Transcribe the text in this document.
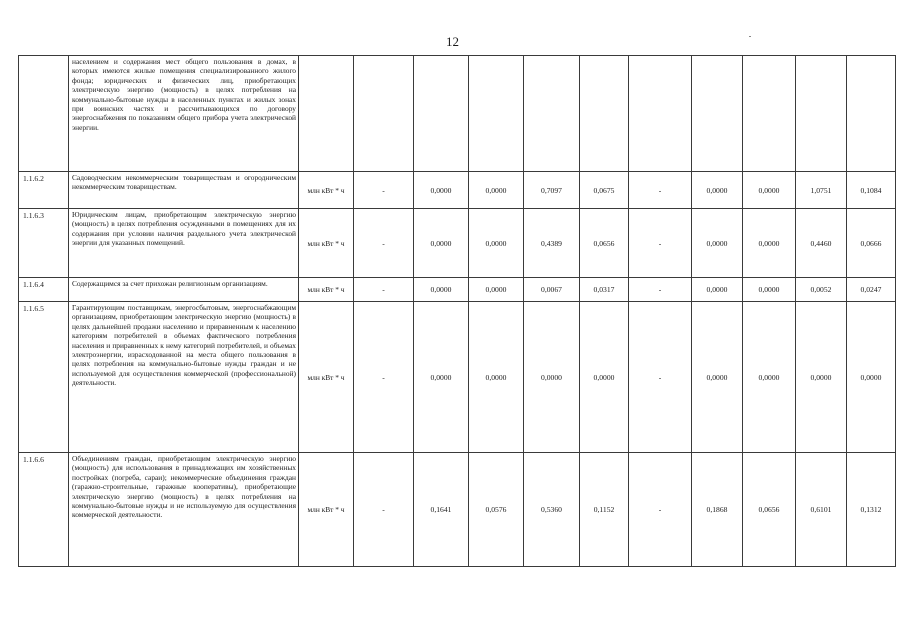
12
	населением и содержания мест общего пользования в домах, в которых имеются жилые помещения специализированного жилого фонда; юридических и физических лиц, приобретающих электрическую энергию (мощность) в целях потребления на коммунально-бытовые нужды в населенных пунктах и жилых зонах при воинских частях и рассчитывающихся по договору энергоснабжения по показаниям общего прибора учета электрической энергии.											
1.1.6.2	Садоводческим некоммерческим товариществам и огородническим некоммерческим товариществам.	млн кВт * ч	-	0,0000	0,0000	0,7097	0,0675	-	0,0000	0,0000	1,0751	0,1084
1.1.6.3	Юридическим лицам, приобретающим электрическую энергию (мощность) в целях потребления осужденными в помещениях для их содержания при условии наличия раздельного учета электрической энергии для указанных помещений.	млн кВт * ч	-	0,0000	0,0000	0,4389	0,0656	-	0,0000	0,0000	0,4460	0,0666
1.1.6.4	Содержащимся за счет прихожан религиозным организациям.	млн кВт * ч	-	0,0000	0,0000	0,0067	0,0317	-	0,0000	0,0000	0,0052	0,0247
1.1.6.5	Гарантирующим поставщикам, энергосбытовым, энергоснабжающим организациям, приобретающим электрическую энергию (мощность) в целях дальнейшей продажи населению и приравненным к населению категориям потребителей в объемах фактического потребления населения и приравненных к нему категорий потребителей, и объемах электроэнергии, израсходованной на места общего пользования в целях потребления на коммунально-бытовые нужды граждан и не используемой для осуществления коммерческой (профессиональной) деятельности.	млн кВт * ч	-	0,0000	0,0000	0,0000	0,0000	-	0,0000	0,0000	0,0000	0,0000
1.1.6.6	Объединениям граждан, приобретающим электрическую энергию (мощность) для использования в принадлежащих им хозяйственных постройках (погреба, сараи); некоммерческие объединения граждан (гаражно-строительные, гаражные кооперативы), приобретающие электрическую энергию (мощность) в целях потребления на коммунально-бытовые нужды и не используемую для осуществления коммерческой деятельности.	млн кВт * ч	-	0,1641	0,0576	0,5360	0,1152	-	0,1868	0,0656	0,6101	0,1312
